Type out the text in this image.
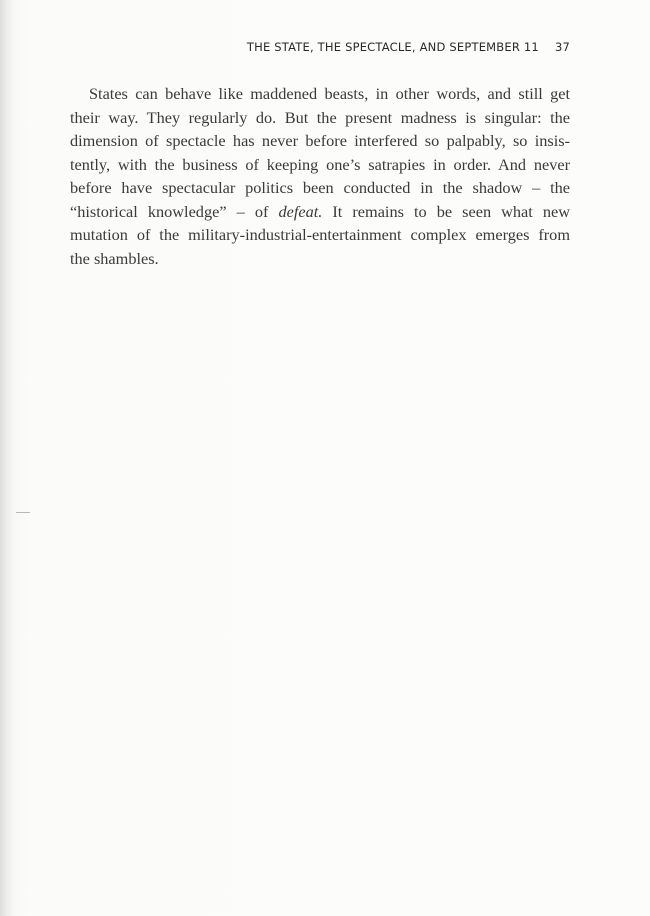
THE STATE, THE SPECTACLE, AND SEPTEMBER 11 37
States can behave like maddened beasts, in other words, and still get
their way. They regularly do. But the present madness is singular: the
dimension of spectacle has never before interfered so palpably, so insis-
tently, with the business of keeping one’s satrapies in order. And never
before have spectacular politics been conducted in the shadow – the
“historical knowledge” – of defeat. It remains to be seen what new
mutation of the military-industrial-entertainment complex emerges from
the shambles.
